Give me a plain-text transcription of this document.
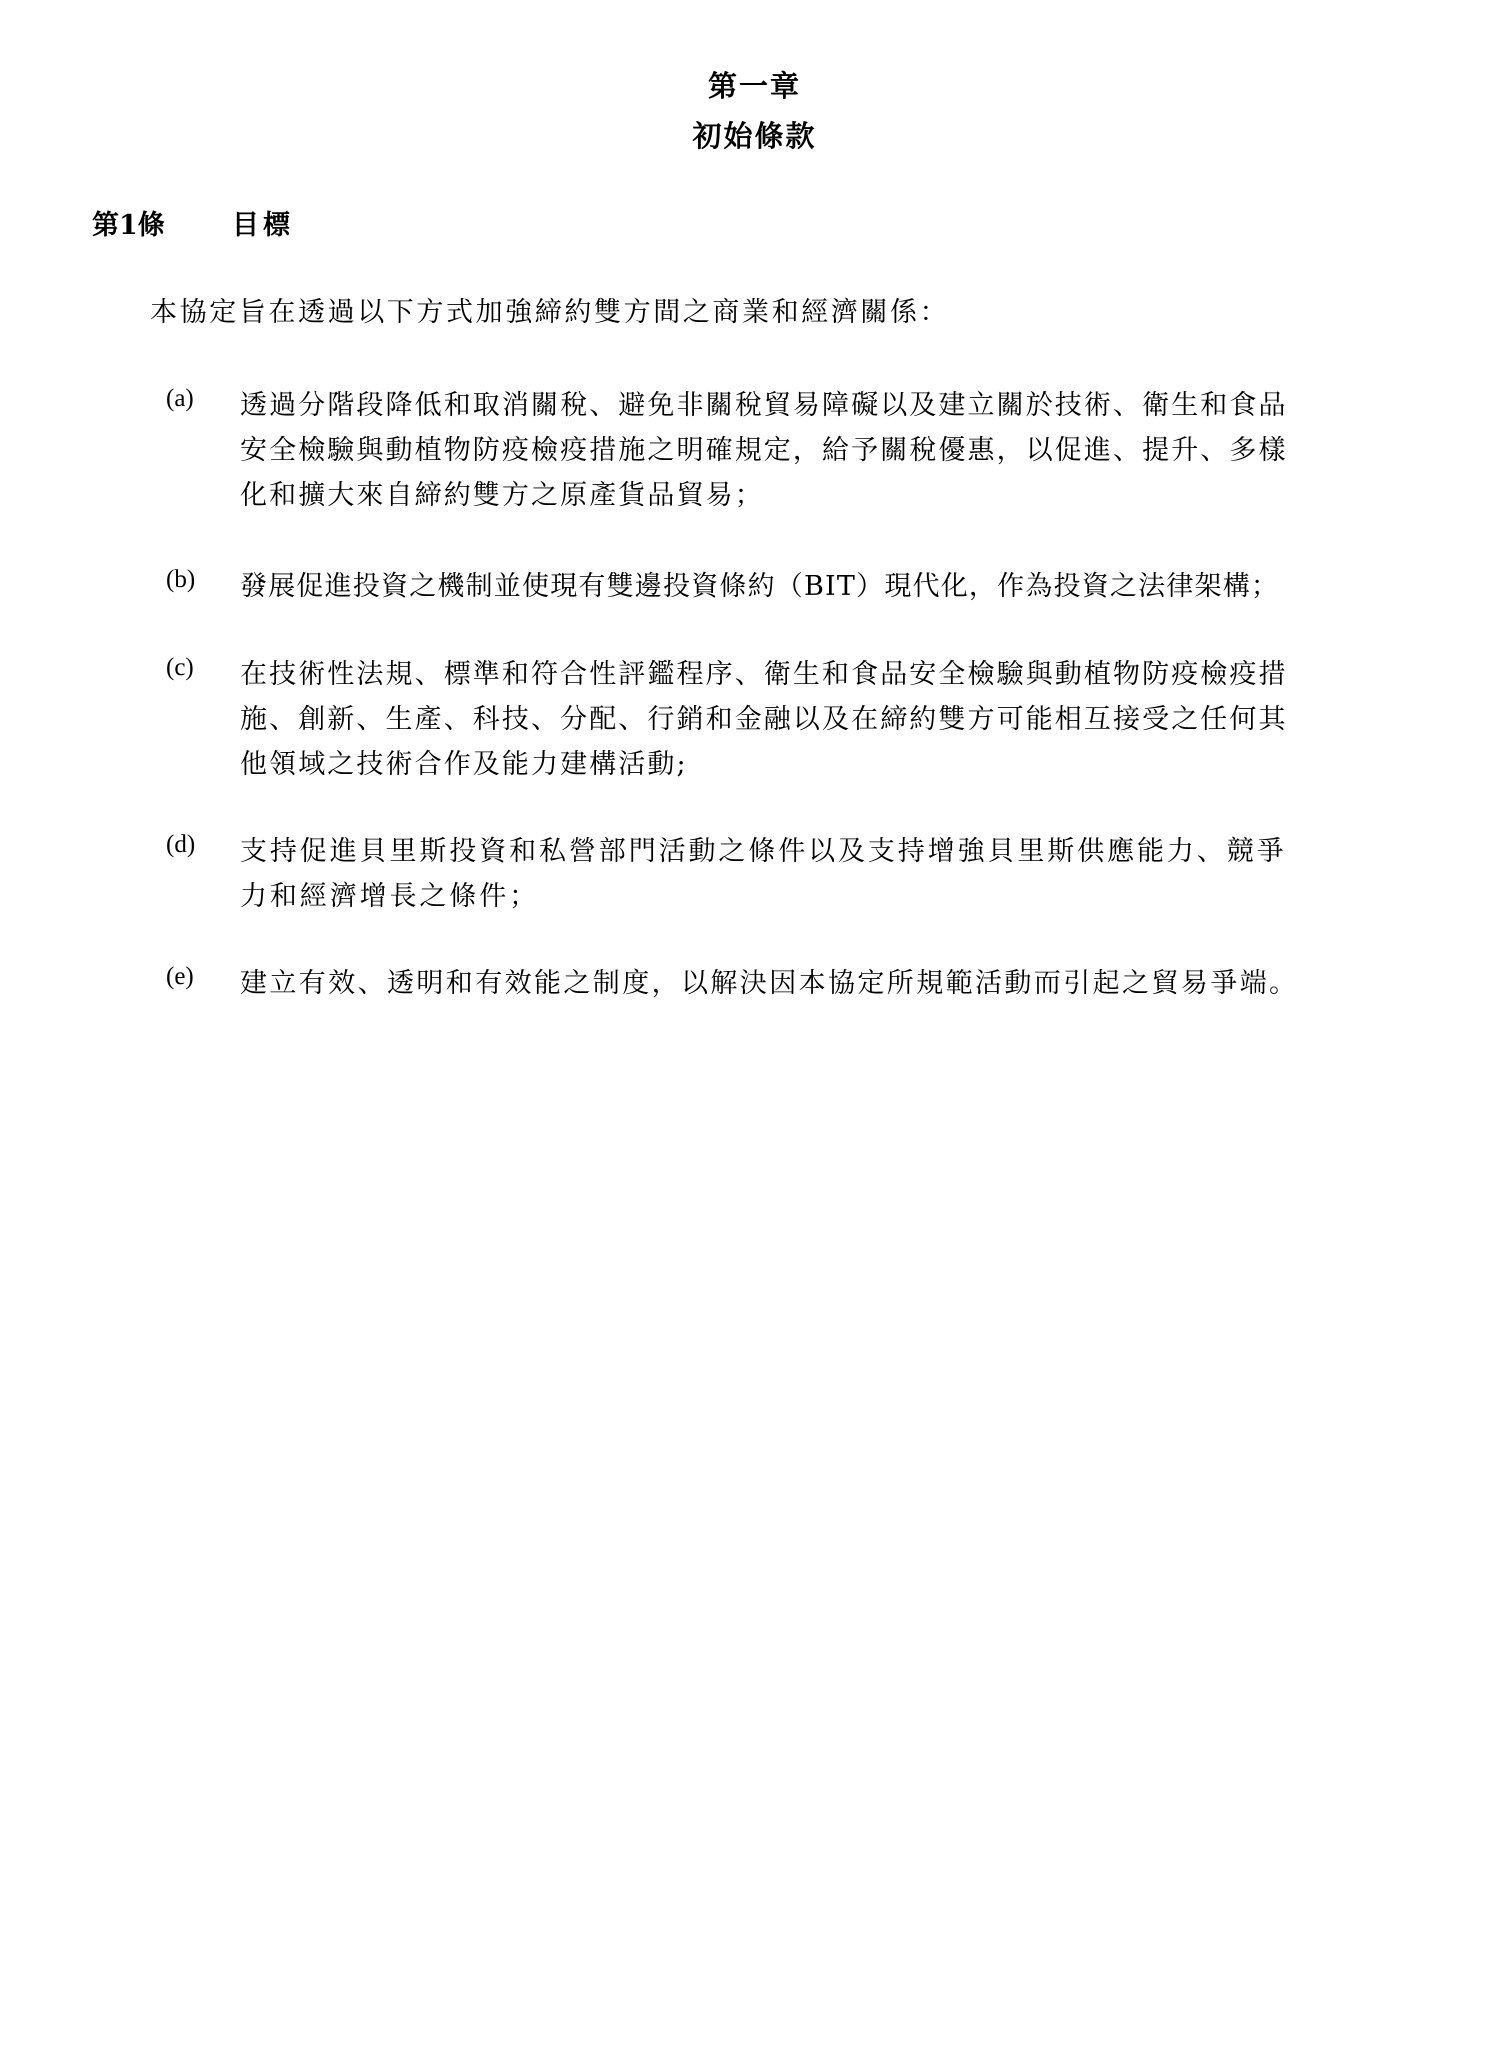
第一章
初始條款
第1條 目標
本協定旨在透過以下方式加強締約雙方間之商業和經濟關係：
(a) 透過分階段降低和取消關稅、避免非關稅貿易障礙以及建立關於技術、衛生和食品
安全檢驗與動植物防疫檢疫措施之明確規定，給予關稅優惠，以促進、提升、多樣
化和擴大來自締約雙方之原產貨品貿易；
(b) 發展促進投資之機制並使現有雙邊投資條約（BIT）現代化，作為投資之法律架構；
(c) 在技術性法規、標準和符合性評鑑程序、衛生和食品安全檢驗與動植物防疫檢疫措
施、創新、生產、科技、分配、行銷和金融以及在締約雙方可能相互接受之任何其
他領域之技術合作及能力建構活動;
(d) 支持促進貝里斯投資和私營部門活動之條件以及支持增強貝里斯供應能力、競爭
力和經濟增長之條件；
(e) 建立有效、透明和有效能之制度，以解決因本協定所規範活動而引起之貿易爭端。
